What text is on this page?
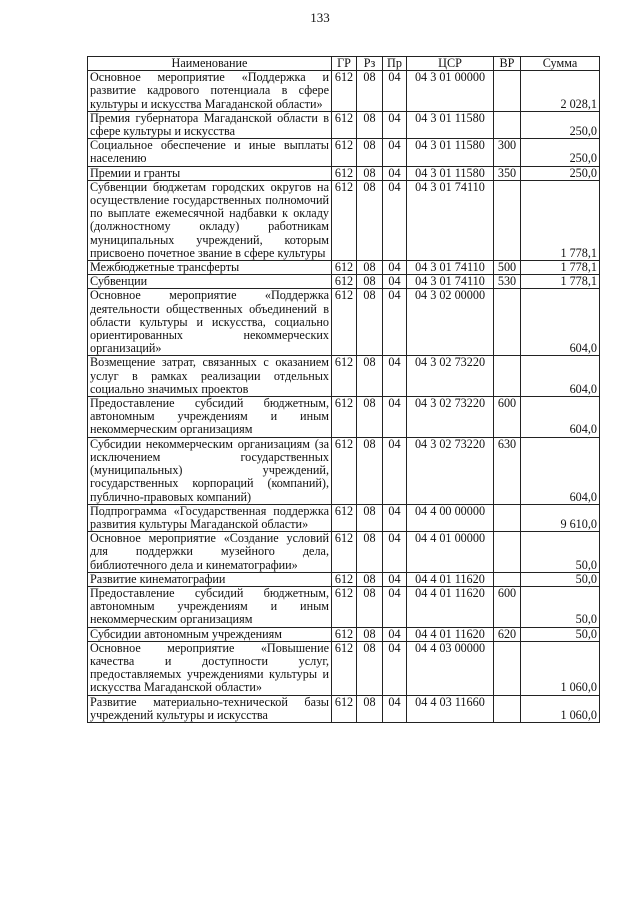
133
Наименование	ГР	Рз	Пр	ЦСР	ВР	Сумма
Основное мероприятие «Поддержка и развитие кадрового потенциала в сфере культуры и искусства Магаданской области»	612	08	04	04 3 01 00000		2 028,1
Премия губернатора Магаданской области в сфере культуры и искусства	612	08	04	04 3 01 11580		250,0
Социальное обеспечение и иные выплаты населению	612	08	04	04 3 01 11580	300	250,0
Премии и гранты	612	08	04	04 3 01 11580	350	250,0
Субвенции бюджетам городских округов на осуществление государственных полномочий по выплате ежемесячной надбавки к окладу (должностному окладу) работникам муниципальных учреждений, которым присвоено почетное звание в сфере культуры	612	08	04	04 3 01 74110		1 778,1
Межбюджетные трансферты	612	08	04	04 3 01 74110	500	1 778,1
Субвенции	612	08	04	04 3 01 74110	530	1 778,1
Основное мероприятие «Поддержка деятельности общественных объединений в области культуры и искусства, социально ориентированных некоммерческих организаций»	612	08	04	04 3 02 00000		604,0
Возмещение затрат, связанных с оказанием услуг в рамках реализации отдельных социально значимых проектов	612	08	04	04 3 02 73220		604,0
Предоставление субсидий бюджетным, автономным учреждениям и иным некоммерческим организациям	612	08	04	04 3 02 73220	600	604,0
Субсидии некоммерческим организациям (за исключением государственных (муниципальных) учреждений, государственных корпораций (компаний), публично-правовых компаний)	612	08	04	04 3 02 73220	630	604,0
Подпрограмма «Государственная поддержка развития культуры Магаданской области»	612	08	04	04 4 00 00000		9 610,0
Основное мероприятие «Создание условий для поддержки музейного дела, библиотечного дела и кинематографии»	612	08	04	04 4 01 00000		50,0
Развитие кинематографии	612	08	04	04 4 01 11620		50,0
Предоставление субсидий бюджетным, автономным учреждениям и иным некоммерческим организациям	612	08	04	04 4 01 11620	600	50,0
Субсидии автономным учреждениям	612	08	04	04 4 01 11620	620	50,0
Основное мероприятие «Повышение качества и доступности услуг, предоставляемых учреждениями культуры и искусства Магаданской области»	612	08	04	04 4 03 00000		1 060,0
Развитие материально-технической базы учреждений культуры и искусства	612	08	04	04 4 03 11660		1 060,0
